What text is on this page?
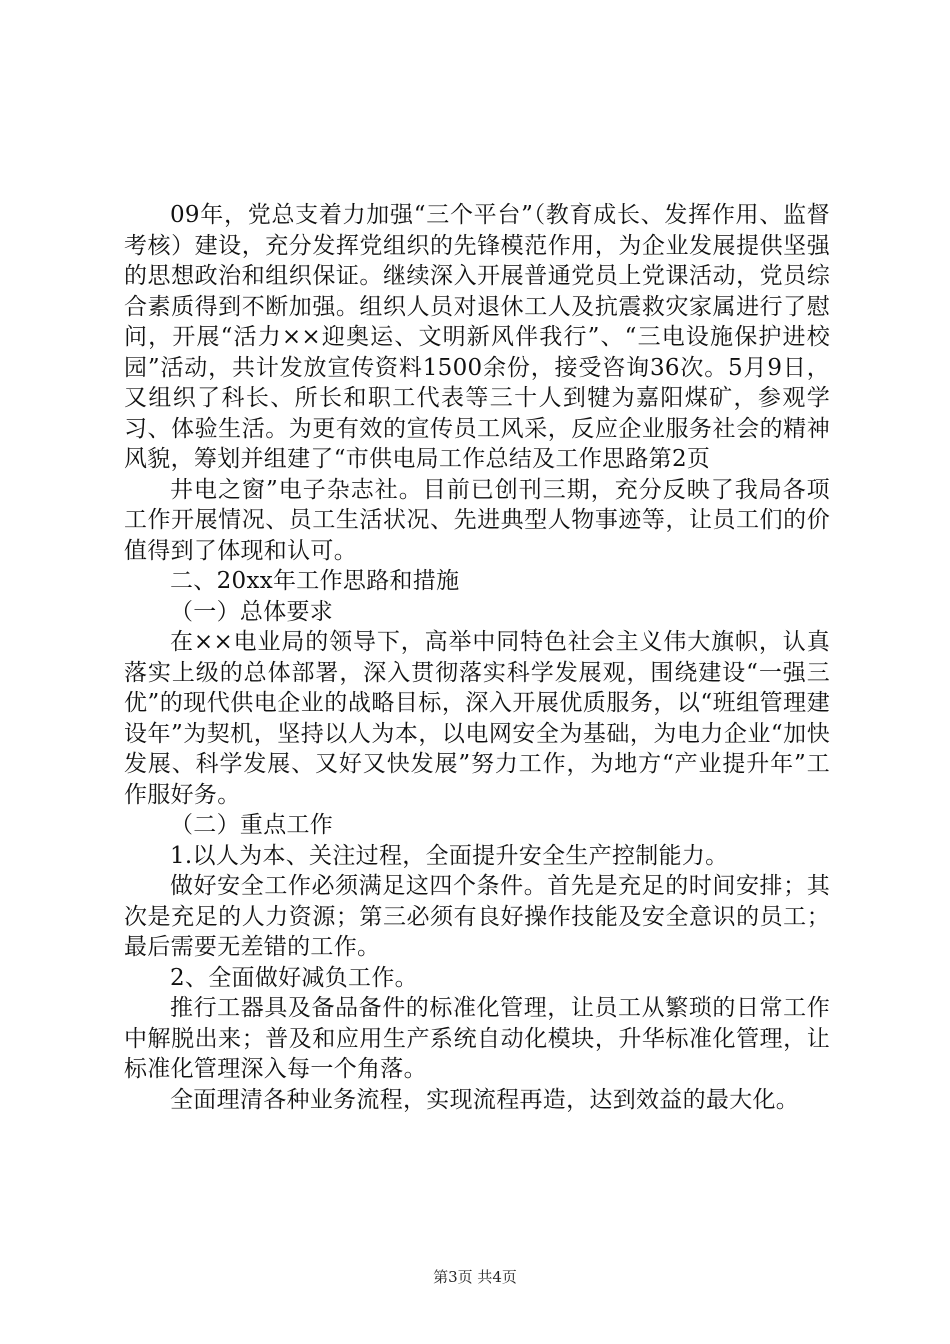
09年，党总支着力加强“三个平台”（教育成长、发挥作用、监督考核）建设，充分发挥党组织的先锋模范作用，为企业发展提供坚强的思想政治和组织保证。继续深入开展普通党员上党课活动，党员综合素质得到不断加强。组织人员对退休工人及抗震救灾家属进行了慰问，开展“活力××迎奥运、文明新风伴我行”、“三电设施保护进校园”活动，共计发放宣传资料1500余份，接受咨询36次。5月9日，又组织了科长、所长和职工代表等三十人到犍为嘉阳煤矿，参观学习、体验生活。为更有效的宣传员工风采，反应企业服务社会的精神风貌，筹划并组建了“市供电局工作总结及工作思路第2页

井电之窗”电子杂志社。目前已创刊三期，充分反映了我局各项工作开展情况、员工生活状况、先进典型人物事迹等，让员工们的价值得到了体现和认可。

二、20xx年工作思路和措施

（一）总体要求

在××电业局的领导下，高举中同特色社会主义伟大旗帜，认真落实上级的总体部署，深入贯彻落实科学发展观，围绕建设“一强三优”的现代供电企业的战略目标，深入开展优质服务，以“班组管理建设年”为契机，坚持以人为本，以电网安全为基础，为电力企业“加快发展、科学发展、又好又快发展”努力工作，为地方“产业提升年”工作服好务。

（二）重点工作

1.以人为本、关注过程，全面提升安全生产控制能力。

做好安全工作必须满足这四个条件。首先是充足的时间安排；其次是充足的人力资源；第三必须有良好操作技能及安全意识的员工；最后需要无差错的工作。

2、全面做好减负工作。

推行工器具及备品备件的标准化管理，让员工从繁琐的日常工作中解脱出来；普及和应用生产系统自动化模块，升华标准化管理，让标准化管理深入每一个角落。

全面理清各种业务流程，实现流程再造，达到效益的最大化。

第3页 共4页
